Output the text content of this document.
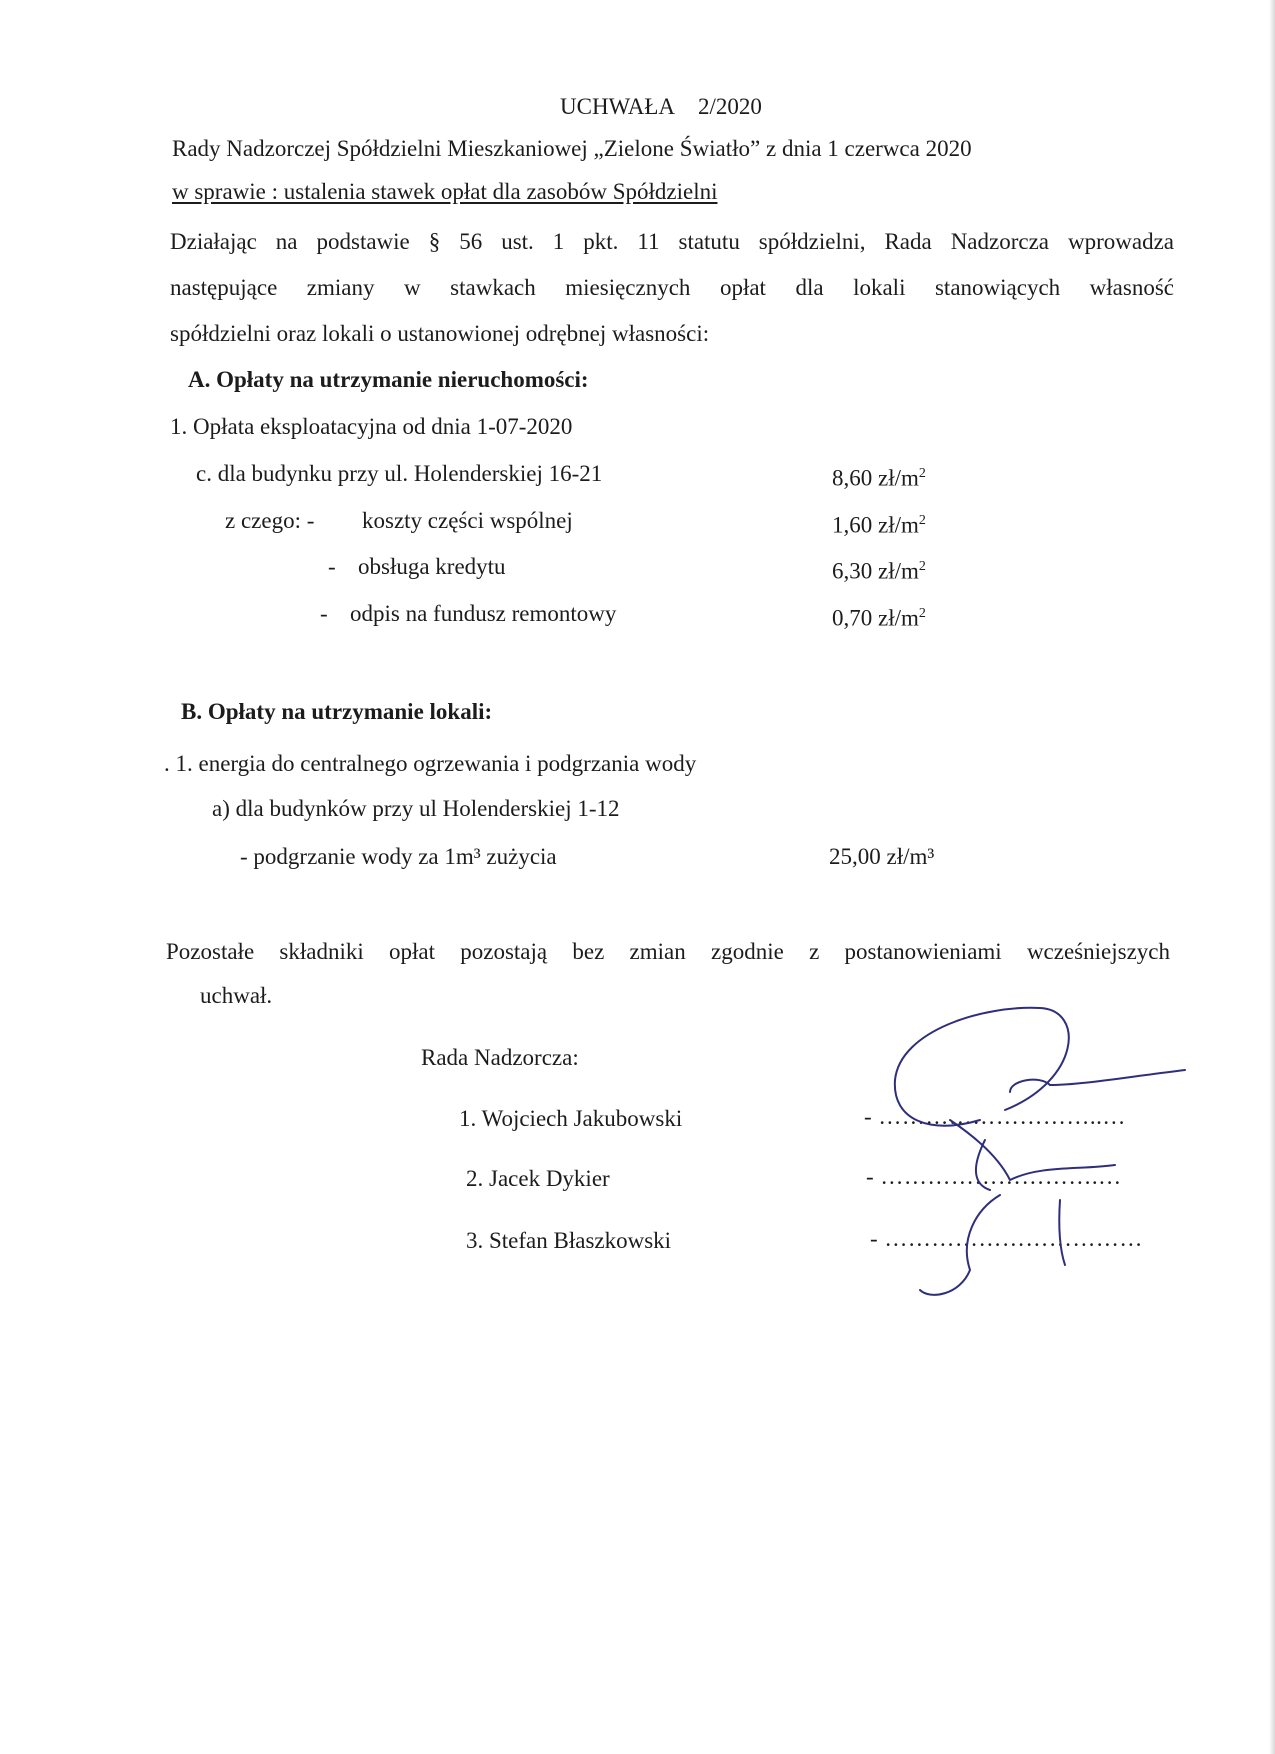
UCHWAŁA 2/2020
Rady Nadzorczej Spółdzielni Mieszkaniowej „Zielone Światło” z dnia 1 czerwca 2020
w sprawie : ustalenia stawek opłat dla zasobów Spółdzielni
Działając na podstawie § 56 ust. 1 pkt. 11 statutu spółdzielni, Rada Nadzorcza wprowadza
następujące zmiany w stawkach miesięcznych opłat dla lokali stanowiących własność
spółdzielni oraz lokali o ustanowionej odrębnej własności:
A. Opłaty na utrzymanie nieruchomości:
1. Opłata eksploatacyjna od dnia 1-07-2020
c. dla budynku przy ul. Holenderskiej 16-21	8,60 $zł/m^2$
z czego: - koszty części wspólnej	1,60 $zł/m^2$
- obsługa kredytu	6,30 $zł/m^2$
- odpis na fundusz remontowy	0,70 $zł/m^2$
B. Opłaty na utrzymanie lokali:
. 1. energia do centralnego ogrzewania i podgrzania wody
a) dla budynków przy ul Holenderskiej 1-12
- podgrzanie wody za 1m³ zużycia	25,00 zł/m³
Pozostałe składniki opłat pozostają bez zmian zgodnie z postanowieniami wcześniejszych
uchwał.
Rada Nadzorcza:
1. Wojciech Jakubowski	- ………………………..…
2. Jacek Dykier	- ……………………….…
3. Stefan Błaszkowski	- ……………………………
